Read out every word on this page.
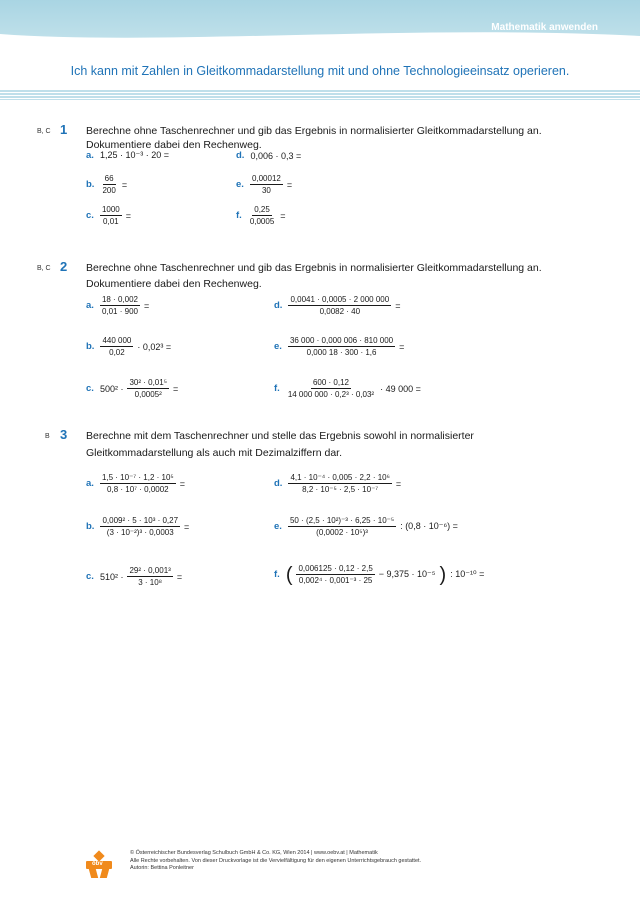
Mathematik anwenden
Ich kann mit Zahlen in Gleitkommadarstellung mit und ohne Technologieeinsatz operieren.
B, C 1 Berechne ohne Taschenrechner und gib das Ergebnis in normalisierter Gleitkommadarstellung an.
Dokumentiere dabei den Rechenweg.
a. 1,25 · 10⁻³ · 20 =	d. 0,006 · 0,3 =
b. $\frac{66}{200}$ =	e. $\frac{0,00012}{30}$ =
c. $\frac{1000}{0,01}$ =	f. $\frac{0,25}{0,0005}$ =
B, C 2 Berechne ohne Taschenrechner und gib das Ergebnis in normalisierter Gleitkommadarstellung an.
Dokumentiere dabei den Rechenweg.
a. $\frac{18 \cdot 0,002}{0,01 \cdot 900}$ =	d. $\frac{0,0041 \cdot 0,0005 \cdot 2 000 000}{0,0082 \cdot 40}$ =
b. $\frac{440 000}{0,02} \cdot 0,02^3$ =	e. $\frac{36 000 \cdot 0,000 006 \cdot 810 000}{0,000 18 \cdot 300 \cdot 1,6}$ =
c. $500^2 \cdot \frac{\text{30² · 0,01⁵}}{\text{0,0005²}}$ =	f. $\frac{600 \cdot 0,12}{\text{14 000 000 · 0,2³ · 0,03²}} \cdot 49$ 000 =
B 3 Berechne mit dem Taschenrechner und stelle das Ergebnis sowohl in normalisierter
Gleitkommadarstellung als auch mit Dezimalziffern dar.
a. $\frac{\text{1,5 · 10⁻⁷ · 1,2 · 10⁵}}{\text{0,8 · 10⁷ · 0,0002}}$ =	d. $\frac{\text{4,1 · 10⁻⁴ · 0,005 · 2,2 · 10⁶}}{\text{8,2 · 10⁻⁵ · 2,5 · 10⁻⁷}}$ =
b. $\frac{\text{0,009² · 5 · 10³ · 0,27}}{\text{(3 · 10⁻²)³ · 0,0003}}$ =	e. $\frac{\text{50 · (2,5 · 10²)⁻³ · 6,25 · 10⁻⁵}}{\text{(0,0002 · 10⁵)³}}$ : (0,8 · 10⁻⁶) =
c. $510^2 \cdot \frac{\text{29² · 0,001³}}{\text{3 · 10⁸}}$ =	f. ( $\frac{0,006125 \cdot 0,12 \cdot 2,5}{\text{0,002⁴ · 0,001⁻³ · 25}} - 9,375 \cdot 10^{-5}$ ) : 10⁻¹⁰ =
öbv
© Österreichischer Bundesverlag Schulbuch GmbH & Co. KG, Wien 2014 | www.oebv.at | Mathematik
Alle Rechte vorbehalten. Von dieser Druckvorlage ist die Vervielfältigung für den eigenen Unterrichtsgebrauch gestattet.
Autorin: Bettina Ponleitner
